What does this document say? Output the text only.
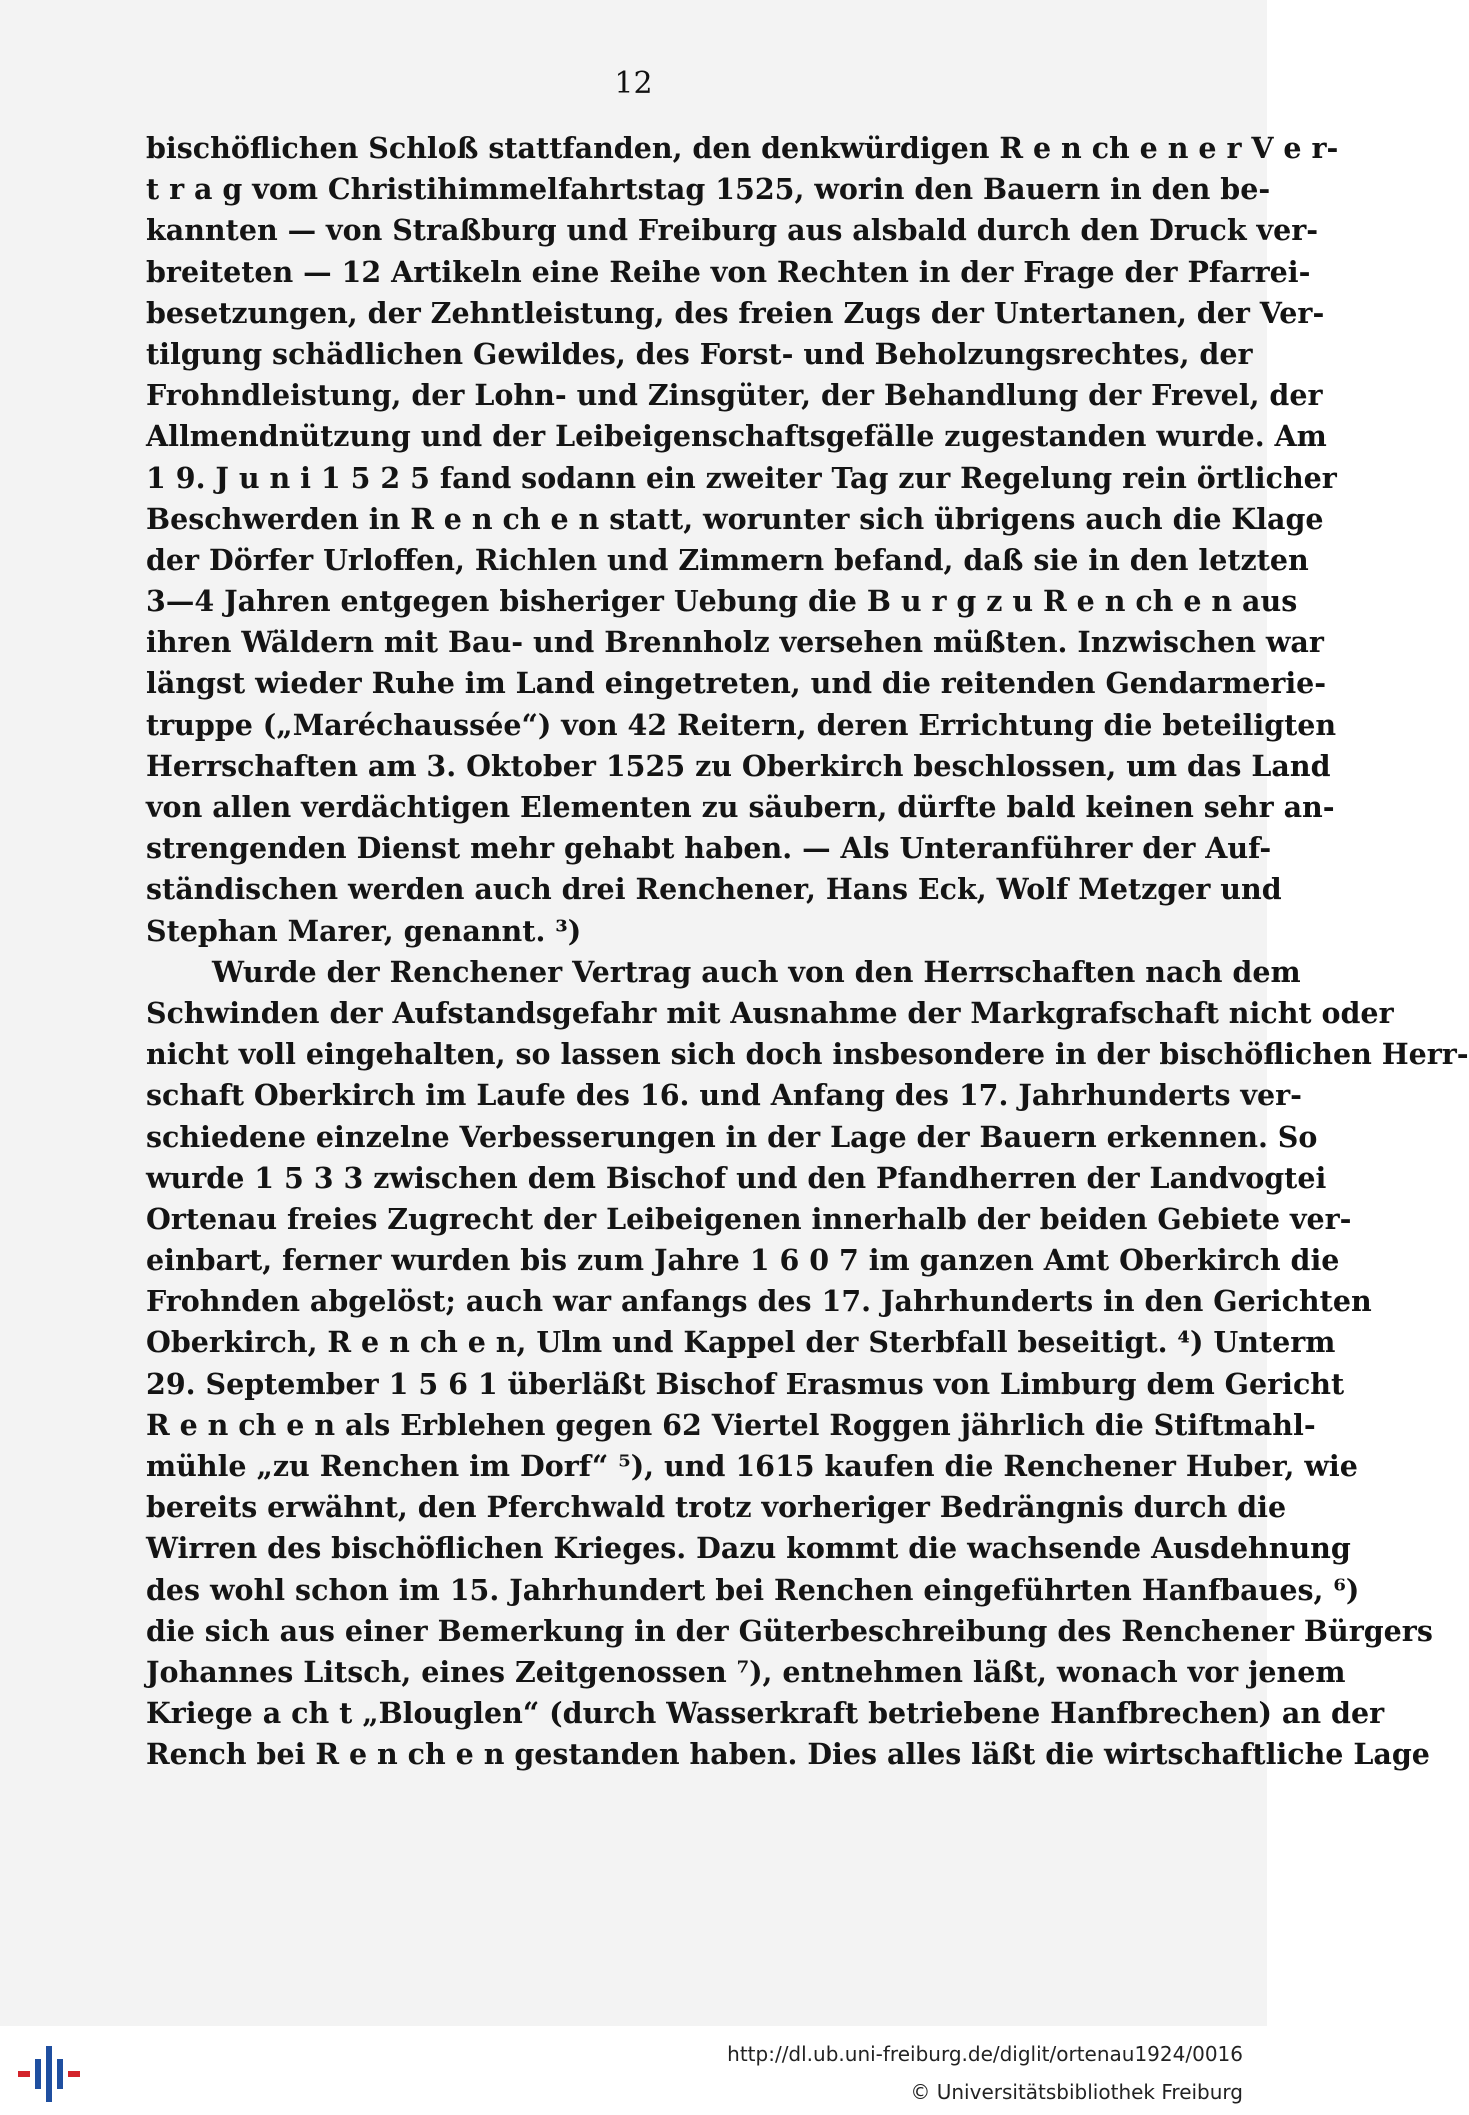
12
bischöflichen Schloß stattfanden, den denkwürdigen R e n ch e n e r V e r-
t r a g vom Christihimmelfahrtstag 1525, worin den Bauern in den be-
kannten — von Straßburg und Freiburg aus alsbald durch den Druck ver-
breiteten — 12 Artikeln eine Reihe von Rechten in der Frage der Pfarrei-
besetzungen, der Zehntleistung, des freien Zugs der Untertanen, der Ver-
tilgung schädlichen Gewildes, des Forst- und Beholzungsrechtes, der
Frohndleistung, der Lohn- und Zinsgüter, der Behandlung der Frevel, der
Allmendnützung und der Leibeigenschaftsgefälle zugestanden wurde. Am
1 9. J u n i 1 5 2 5 fand sodann ein zweiter Tag zur Regelung rein örtlicher
Beschwerden in R e n ch e n statt, worunter sich übrigens auch die Klage
der Dörfer Urloffen, Richlen und Zimmern befand, daß sie in den letzten
3—4 Jahren entgegen bisheriger Uebung die B u r g z u R e n ch e n aus
ihren Wäldern mit Bau- und Brennholz versehen müßten. Inzwischen war
längst wieder Ruhe im Land eingetreten, und die reitenden Gendarmerie-
truppe („Maréchaussée“) von 42 Reitern, deren Errichtung die beteiligten
Herrschaften am 3. Oktober 1525 zu Oberkirch beschlossen, um das Land
von allen verdächtigen Elementen zu säubern, dürfte bald keinen sehr an-
strengenden Dienst mehr gehabt haben. — Als Unteranführer der Auf-
ständischen werden auch drei Renchener, Hans Eck, Wolf Metzger und
Stephan Marer, genannt. ³)
Wurde der Renchener Vertrag auch von den Herrschaften nach dem
Schwinden der Aufstandsgefahr mit Ausnahme der Markgrafschaft nicht oder
nicht voll eingehalten, so lassen sich doch insbesondere in der bischöflichen Herr-
schaft Oberkirch im Laufe des 16. und Anfang des 17. Jahrhunderts ver-
schiedene einzelne Verbesserungen in der Lage der Bauern erkennen. So
wurde 1 5 3 3 zwischen dem Bischof und den Pfandherren der Landvogtei
Ortenau freies Zugrecht der Leibeigenen innerhalb der beiden Gebiete ver-
einbart, ferner wurden bis zum Jahre 1 6 0 7 im ganzen Amt Oberkirch die
Frohnden abgelöst; auch war anfangs des 17. Jahrhunderts in den Gerichten
Oberkirch, R e n ch e n, Ulm und Kappel der Sterbfall beseitigt. ⁴) Unterm
29. September 1 5 6 1 überläßt Bischof Erasmus von Limburg dem Gericht
R e n ch e n als Erblehen gegen 62 Viertel Roggen jährlich die Stiftmahl-
mühle „zu Renchen im Dorf“ ⁵), und 1615 kaufen die Renchener Huber, wie
bereits erwähnt, den Pferchwald trotz vorheriger Bedrängnis durch die
Wirren des bischöflichen Krieges. Dazu kommt die wachsende Ausdehnung
des wohl schon im 15. Jahrhundert bei Renchen eingeführten Hanfbaues, ⁶)
die sich aus einer Bemerkung in der Güterbeschreibung des Renchener Bürgers
Johannes Litsch, eines Zeitgenossen ⁷), entnehmen läßt, wonach vor jenem
Kriege a ch t „Blouglen“ (durch Wasserkraft betriebene Hanfbrechen) an der
Rench bei R e n ch e n gestanden haben. Dies alles läßt die wirtschaftliche Lage
http://dl.ub.uni-freiburg.de/diglit/ortenau1924/0016
© Universitätsbibliothek Freiburg
